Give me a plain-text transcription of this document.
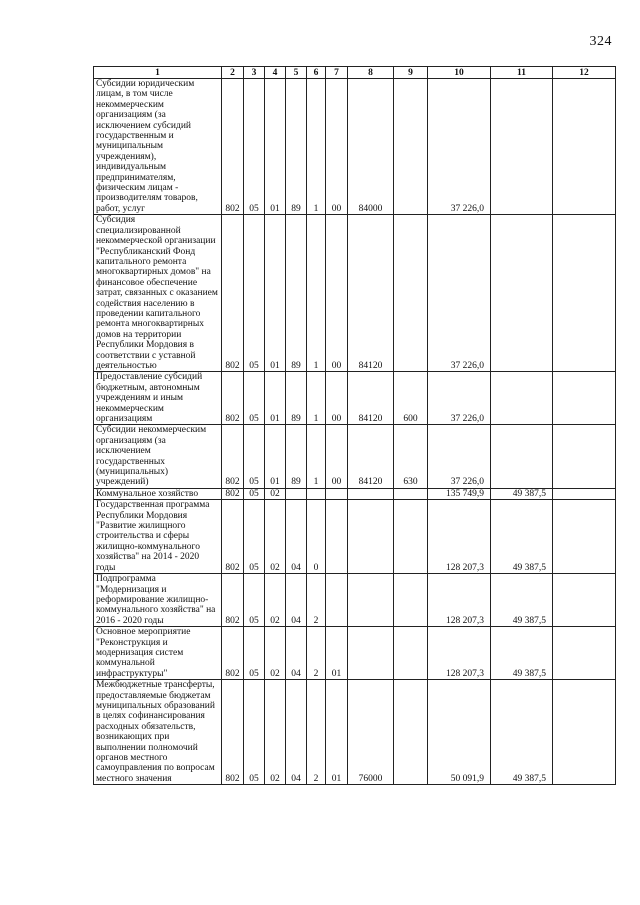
324
1	2	3	4	5	6	7	8	9	10	11	12
Субсидии юридическим лицам, в том числе некоммерческим организациям (за исключением субсидий государственным и муниципальным учреждениям), индивидуальным предпринимателям, физическим лицам - производителям товаров, работ, услуг	802	05	01	89	1	00	84000		37 226,0		
Субсидия специализированной некоммерческой организации "Республиканский Фонд капитального ремонта многоквартирных домов" на финансовое обеспечение затрат, связанных с оказанием содействия населению в проведении капитального ремонта многоквартирных домов на территории Республики Мордовия в соответствии с уставной деятельностью	802	05	01	89	1	00	84120		37 226,0		
Предоставление субсидий бюджетным, автономным учреждениям и иным некоммерческим организациям	802	05	01	89	1	00	84120	600	37 226,0		
Субсидии некоммерческим организациям (за исключением государственных (муниципальных) учреждений)	802	05	01	89	1	00	84120	630	37 226,0		
Коммунальное хозяйство	802	05	02						135 749,9	49 387,5	
Государственная программа Республики Мордовия "Развитие жилищного строительства и сферы жилищно-коммунального хозяйства" на 2014 - 2020 годы	802	05	02	04	0				128 207,3	49 387,5	
Подпрограмма "Модернизация и реформирование жилищно-коммунального хозяйства" на 2016 - 2020 годы	802	05	02	04	2				128 207,3	49 387,5	
Основное мероприятие "Реконструкция и модернизация систем коммунальной инфраструктуры"	802	05	02	04	2	01			128 207,3	49 387,5	
Межбюджетные трансферты, предоставляемые бюджетам муниципальных образований в целях софинансирования расходных обязательств, возникающих при выполнении полномочий органов местного самоуправления по вопросам местного значения	802	05	02	04	2	01	76000		50 091,9	49 387,5	
